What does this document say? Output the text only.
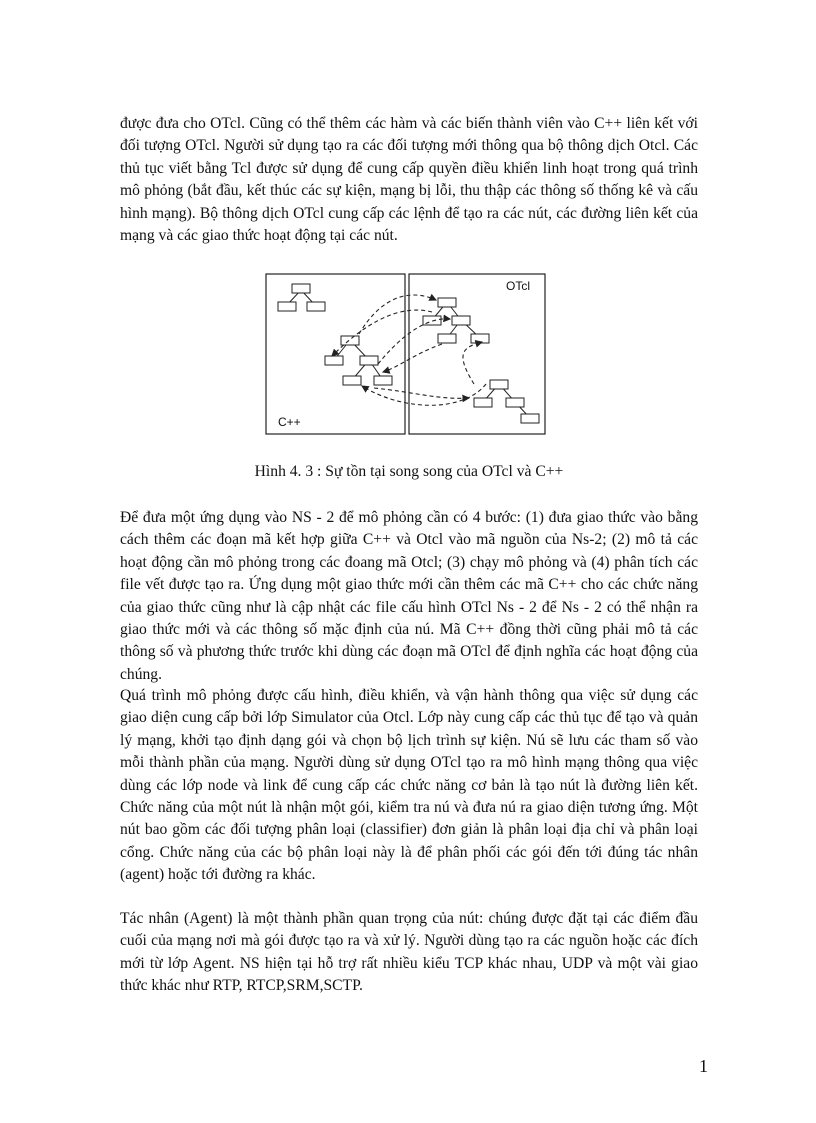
được đưa cho OTcl. Cũng có thể thêm các hàm và các biến thành viên vào C++ liên kết với đối tượng OTcl. Người sử dụng tạo ra các đối tượng mới thông qua bộ thông dịch Otcl. Các thủ tục viết bằng Tcl được sử dụng để cung cấp quyền điều khiển linh hoạt trong quá trình mô phỏng (bắt đầu, kết thúc các sự kiện, mạng bị lỗi, thu thập các thông số thống kê và cấu hình mạng). Bộ thông dịch OTcl cung cấp các lệnh để tạo ra các nút, các đường liên kết của mạng và các giao thức hoạt động tại các nút.

C++
OTcl

Hình 4. 3 : Sự tồn tại song song của OTcl và C++

Để đưa một ứng dụng vào NS - 2 để mô phỏng cần có 4 bước: (1) đưa giao thức vào bằng cách thêm các đoạn mã kết hợp giữa C++ và Otcl vào mã nguồn của Ns-2; (2) mô tả các hoạt động cần mô phỏng trong các đoang mã Otcl; (3) chạy mô phỏng và (4) phân tích các file vết được tạo ra. Ứng dụng một giao thức mới cần thêm các mã C++ cho các chức năng của giao thức cũng như là cập nhật các file cấu hình OTcl Ns - 2 để Ns - 2 có thể nhận ra giao thức mới và các thông số mặc định của nú. Mã C++ đồng thời cũng phải mô tả các thông số và phương thức trước khi dùng các đoạn mã OTcl để định nghĩa các hoạt động của chúng.

Quá trình mô phỏng được cấu hình, điều khiển, và vận hành thông qua việc sử dụng các giao diện cung cấp bởi lớp Simulator của Otcl. Lớp này cung cấp các thủ tục để tạo và quản lý mạng, khởi tạo định dạng gói và chọn bộ lịch trình sự kiện. Nú sẽ lưu các tham số vào mỗi thành phần của mạng. Người dùng sử dụng OTcl tạo ra mô hình mạng thông qua việc dùng các lớp node và link để cung cấp các chức năng cơ bản là tạo nút là đường liên kết. Chức năng của một nút là nhận một gói, kiểm tra nú và đưa nú ra giao diện tương ứng. Một nút bao gồm các đối tượng phân loại (classifier) đơn giản là phân loại địa chỉ và phân loại cổng. Chức năng của các bộ phân loại này là để phân phối các gói đến tới đúng tác nhân (agent) hoặc tới đường ra khác.

Tác nhân (Agent) là một thành phần quan trọng của nút: chúng được đặt tại các điểm đầu cuối của mạng nơi mà gói được tạo ra và xử lý. Người dùng tạo ra các nguồn hoặc các đích mới từ lớp Agent. NS hiện tại hỗ trợ rất nhiều kiểu TCP khác nhau, UDP và một vài giao thức khác như RTP, RTCP,SRM,SCTP.

1
